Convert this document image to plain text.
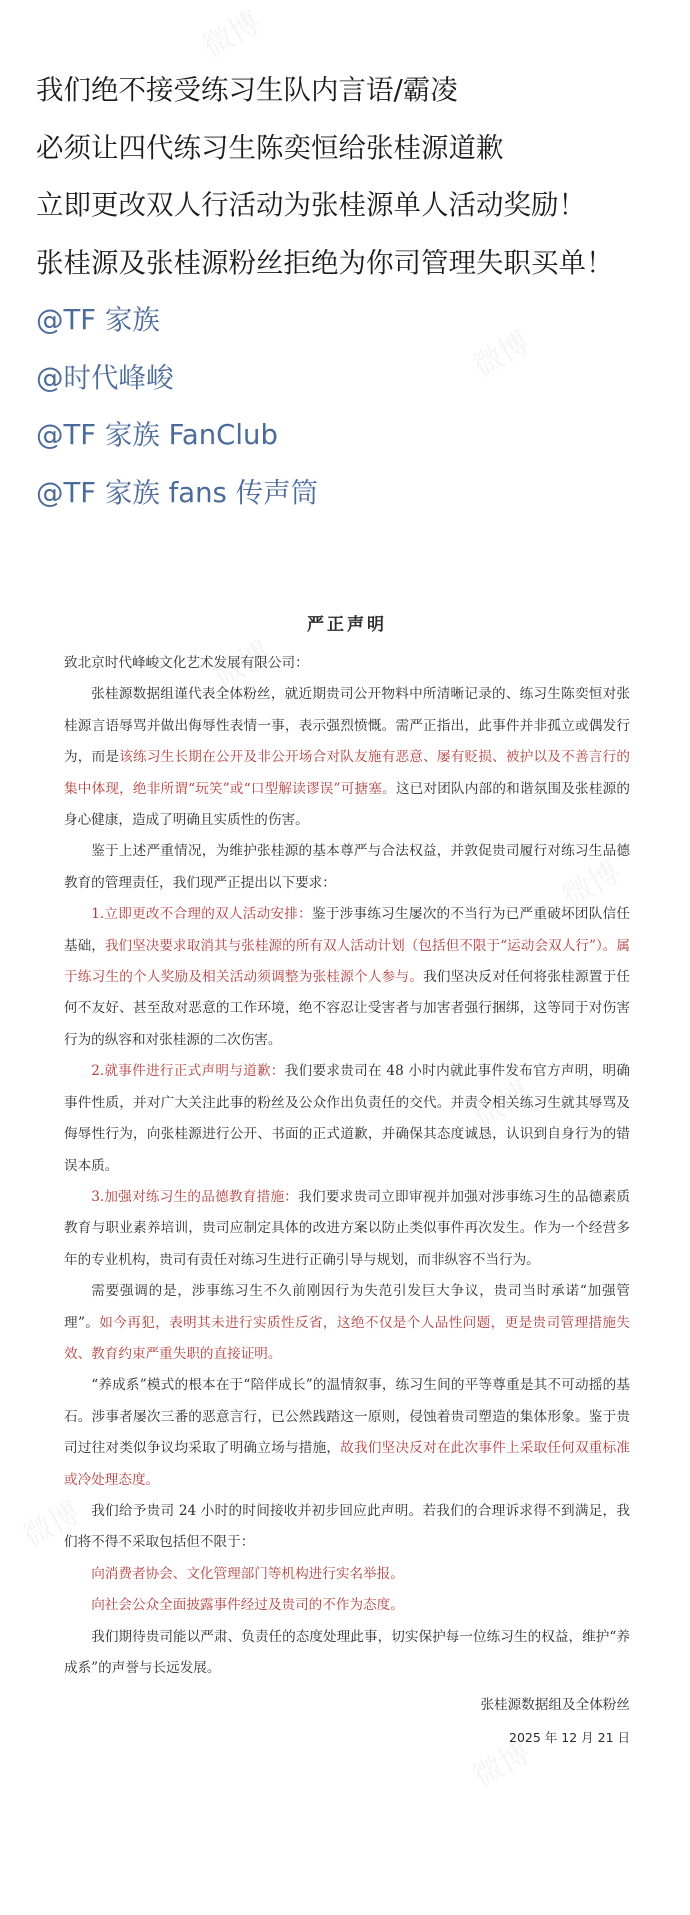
我们绝不接受练习生队内言语/霸凌

必须让四代练习生陈奕恒给张桂源道歉

立即更改双人行活动为张桂源单人活动奖励！

张桂源及张桂源粉丝拒绝为你司管理失职买单！

@TF 家族
@时代峰峻
@TF 家族 FanClub
@TF 家族 fans 传声筒
严正声明

致北京时代峰峻文化艺术发展有限公司：

张桂源数据组谨代表全体粉丝，就近期贵司公开物料中所清晰记录的、练习生陈奕恒对张桂源言语辱骂并做出侮辱性表情一事，表示强烈愤慨。需严正指出，此事件并非孤立或偶发行为，而是该练习生长期在公开及非公开场合对队友施有恶意、屡有贬损、被护以及不善言行的集中体现，绝非所谓“玩笑”或“口型解读谬误”可搪塞。这已对团队内部的和谐氛围及张桂源的身心健康，造成了明确且实质性的伤害。

鉴于上述严重情况，为维护张桂源的基本尊严与合法权益，并敦促贵司履行对练习生品德教育的管理责任，我们现严正提出以下要求：

1.立即更改不合理的双人活动安排：鉴于涉事练习生屡次的不当行为已严重破坏团队信任基础，我们坚决要求取消其与张桂源的所有双人活动计划（包括但不限于“运动会双人行”）。属于练习生的个人奖励及相关活动须调整为张桂源个人参与。我们坚决反对任何将张桂源置于任何不友好、甚至敌对恶意的工作环境，绝不容忍让受害者与加害者强行捆绑，这等同于对伤害行为的纵容和对张桂源的二次伤害。

2.就事件进行正式声明与道歉：我们要求贵司在 48 小时内就此事件发布官方声明，明确事件性质，并对广大关注此事的粉丝及公众作出负责任的交代。并责令相关练习生就其辱骂及侮辱性行为，向张桂源进行公开、书面的正式道歉，并确保其态度诚恳，认识到自身行为的错误本质。

3.加强对练习生的品德教育措施：我们要求贵司立即审视并加强对涉事练习生的品德素质教育与职业素养培训，贵司应制定具体的改进方案以防止类似事件再次发生。作为一个经营多年的专业机构，贵司有责任对练习生进行正确引导与规划，而非纵容不当行为。

需要强调的是，涉事练习生不久前刚因行为失范引发巨大争议，贵司当时承诺“加强管理”。如今再犯，表明其未进行实质性反省，这绝不仅是个人品性问题，更是贵司管理措施失效、教育约束严重失职的直接证明。

“养成系”模式的根本在于“陪伴成长”的温情叙事，练习生间的平等尊重是其不可动摇的基石。涉事者屡次三番的恶意言行，已公然践踏这一原则，侵蚀着贵司塑造的集体形象。鉴于贵司过往对类似争议均采取了明确立场与措施，故我们坚决反对在此次事件上采取任何双重标准或冷处理态度。

我们给予贵司 24 小时的时间接收并初步回应此声明。若我们的合理诉求得不到满足，我们将不得不采取包括但不限于：

向消费者协会、文化管理部门等机构进行实名举报。

向社会公众全面披露事件经过及贵司的不作为态度。

我们期待贵司能以严肃、负责任的态度处理此事，切实保护每一位练习生的权益，维护“养成系”的声誉与长远发展。

张桂源数据组及全体粉丝

2025 年 12 月 21 日
